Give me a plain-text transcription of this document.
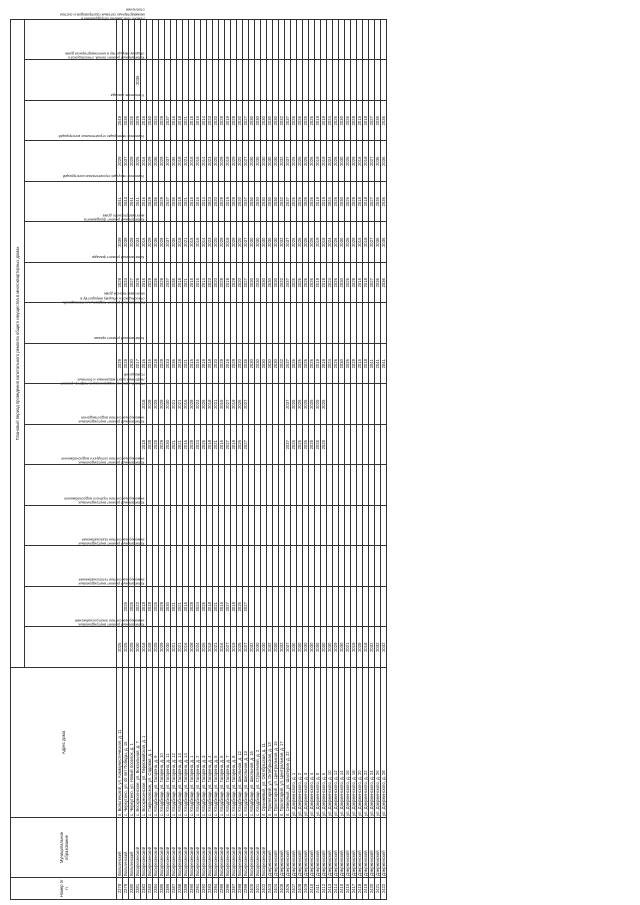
Номер п/п	Муниципальное образование	Адрес дома	Плановый период проведения капитального ремонта общего имущества в многоквартирных домах															

			Капитальный ремонт внутридомовых инженерных систем электроснабжения	Капитальный ремонт внутридомовых инженерных систем теплоснабжения	Капитальный ремонт внутридомовых инженерных систем газоснабжения	Капитальный ремонт внутридомовых инженерных систем горячего водоснабжения	Капитальный ремонт внутридомовых инженерных систем холодного водоснабжения	Капитальный ремонт внутридомовых инженерных систем водоотведения	Ремонт, замена, модернизация лифтов, ремонт лифтовых шахт, машинных и блочных помещений	Капитальный ремонт крыши	Капитальный ремонт подвальных помещений, относящихся к общему имуществу в многоквартирном доме	Капитальный ремонт фасада	Капитальный ремонт фундамента многоквартирного дома	Усиление несущих строительных конструкций	Усиление ненесущих строительных конструкций	Утепление фасада	Капитальный ремонт печей, относящихся к общему имуществу в многоквартирном доме	Ремонт или замена оборудования и межквартирных сетевых газопроводов и систем отопления

2378	Вольгинский	п. Вольгинский, ул. Коммунистическая, д. 11	2025							2029		2029	2039	2041	2029	2049		
2379	Вольгинский	с. Черкутино, ул. 40 лет Победы, д. 15	2025	2025						2029		2033	2039	2043	2037	2035		
2380	Вольгинский	с. Черкутино, ул. Новый поселок, д. 1	2025	2025						2030		2027	2029	2041	2029	2025		
2381	Воскресенский	с. Воскресенское, ул. Вокзальная, д. 7	2030	2022						2017		2029	2033	2041	2025	2029	2036	
2382	Воскресенский	с. Воскресенское, ул. Первомайская, д. 1	2018	2018				2018	2018	2016		2016	2016	2016	2016	2016		
2383	Воскресенский	с. Гавриловское, ул. Садовая, д. 1	2028	2028				2028	2028	2016		2029	2029	2029	2029	2030		
2384	Воскресенский	с. Кладбище, ул. Гагарина, д. 9	2025	2025				2025	2025	2018		2036	2036	2036	2036	2024		
2385	Воскресенский	с. Кладбище, ул. Гагарина, д. 10	2029	2029				2029	2029	2029		2029	2029	2029	2029	2029		
2386	Воскресенский	с. Кладбище, ул. Гагарина, д. 11	2030	2030				2030	2030	2033		2037	2037	2037	2037	2037		
2387	Воскресенский	с. Кладбище, ул. Гагарина, д. 12	2021	2021				2021	2021	2036		2036	2036	2036	2036	2016		
2388	Воскресенский	с. Кладбище, ул. Гагарина, д. 13	2021	2021				2021	2021	2018		2018	2018	2018	2018	2018		
2389	Воскресенский	с. Кладбище, ул. Гагарина, д. 14	2016	2016				2016	2016	2021		2021	2021	2021	2021	2021		
2390	Воскресенский	с. Кладбище, ул. Гагарина, д. 1	2028	2028				2028	2028	2015		2015	2015	2015	2015	2015		
2391	Воскресенский	с. Кладбище, ул. Гагарина, д. 2	2024	2024				2024	2024	2016		2016	2016	2016	2016	2016		
2392	Воскресенский	с. Кладбище, ул. Гагарина, д. 3	2026	2026				2026	2026	2019		2014	2014	2014	2014	2014		
2393	Воскресенский	с. Кладбище, ул. Гагарина, д. 4	2018	2018				2018	2018	2018		2023	2023	2023	2023	2023		
2394	Воскресенский	с. Кладбище, ул. Гагарина, д. 5	2021	2021				2021	2021	2020		2020	2020	2020	2020	2020		
2395	Воскресенский	с. Кладбище, ул. Гагарина, д. 6	2016	2016				2016	2016	2029		2029	2029	2029	2029	2029		
2396	Воскресенский	с. Кладбище, ул. Гагарина, д. 7	2027	2027				2027	2027	2019		2019	2019	2019	2019	2019		
2397	Воскресенский	с. Кладбище, ул. Гагарина, д. 8	2019	2019				2019	2019	2029		2029	2029	2029	2029	2029		
2398	Воскресенский	с. Кладбище, ул. Школьная, д. 12	2026	2026				2026	2026	2020		2020	2020	2020	2020	2020		
2399	Воскресенский	с. Кладбище, ул. Школьная, д. 13	2027	2027				2027	2027	2035		2027	2037	2037	2027	2027		
2400	Воскресенский	с. Кладбище, ул. Школьная, д. 16	2032							2030		2030	2030	2030	2030	2030		
2401	Воскресенский	с. Кладбище, ул. Строителей, д. 2	2030							2030		2030	2030	2030	2030	2030		
2402	Воскресенский	п. Оранжевый, ул. Октябрьская, д. 11	2030							2030		2030	2030	2030	2030	2030		
2403	Дзержинский	п. Пролетарий, ул. Октябрьская, д. 13	2032							2030		2030	2030	2030	2030	2030		
2404	Дзержинский	п. Пролетарий, ул. Центральная, д. 15	2030							2030		2030	2030	2030	2030	2030		
2405	Дзержинский	п. Пролетарий, ул. Центральная, д. 17	2032							2032		2032	2032	2032	2032	2032		
2406	Дзержинский	п. Северный, ул. Шахтеров, д. 22	2037					2037	2037	2037		2037	2037	2037	2037	2037		
2407	Дзержинский	ул. Дзержинского, д. 1	2030					2025	2025	2026		2026	2026	2026	2026	2026		
2408	Дзержинский	ул. Дзержинского, д. 2	2030					2026	2026	2026		2026	2026	2026	2026	2026		
2409	Дзержинский	ул. Дзержинского, д. 3	2030					2026	2026	2026		2026	2026	2026	2026	2026		
2410	Дзержинский	ул. Дзержинского, д. 4	2030					2025	2025	2026		2026	2026	2026	2026	2026		
2411	Дзержинский	ул. Дзержинского, д. 5	2030					2025	2025	2019		2019	2019	2019	2019	2019		
2412	Дзержинский	ул. Дзержинского, д. 6	2030					2025	2025	2019		2019	2019	2019	2019	2019		
2413	Дзержинский	ул. Дзержинского, д. 10	2030							2024		2024	2024	2024	2024	2024		
2414	Дзержинский	ул. Дзержинского, д. 12	2029							2026		2026	2026	2026	2026	2026		
2415	Дзержинский	ул. Дзержинского, д. 14	2030							2030		2030	2030	2030	2030	2030		
2416	Дзержинский	ул. Дзержинского, д. 16	2021							2026		2026	2026	2026	2026	2026		
2417	Дзержинский	ул. Дзержинского, д. 18	2019							2029		2029	2029	2029	2029	2029		
2418	Дзержинский	ул. Дзержинского, д. 20	2028							2015		2015	2015	2015	2015	2015		
2419	Дзержинский	ул. Дзержинского, д. 22	2018							2018		2018	2018	2018	2018	2018		
2420	Дзержинский	ул. Дзержинского, д. 24	2032							2041		2027	2027	2027	2027	2027		
2421	Дзержинский	ул. Дзержинского, д. 26	2032							2041		2036	2036	2036	2036	2036		
2422	Дзержинский	ул. Дзержинского, д. 28	2032							2041		2036	2036	2036	2036	2036		
